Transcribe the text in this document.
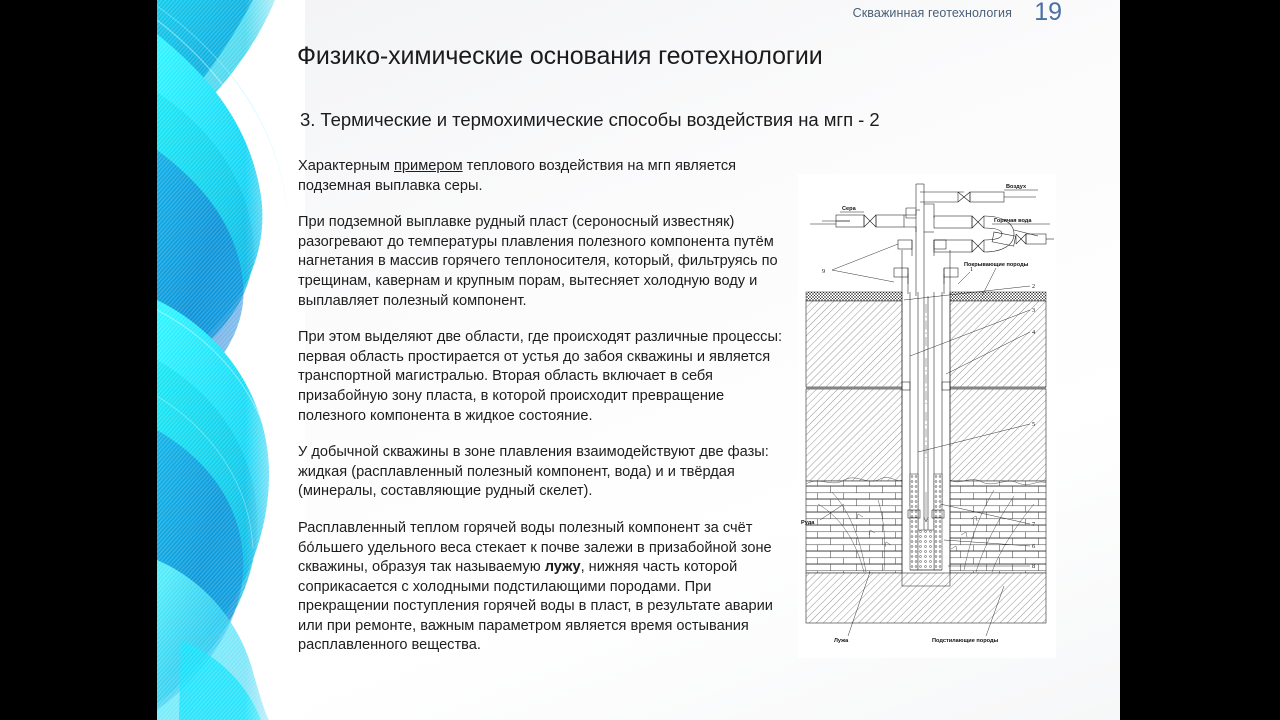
Скважинная геотехнология 19
Физико-химические основания геотехнологии
3. Термические и термохимические способы воздействия на мгп - 2

Характерным примером теплового воздействия на мгп является подземная выплавка серы.

При подземной выплавке рудный пласт (сероносный известняк) разогревают до температуры плавления полезного компонента путём нагнетания в массив горячего теплоносителя, который, фильтруясь по трещинам, кавернам и крупным порам, вытесняет холодную воду и выплавляет полезный компонент.

При этом выделяют две области, где происходят различные процессы: первая область простирается от устья до забоя скважины и является транспортной магистралью. Вторая область включает в себя призабойную зону пласта, в которой происходит превращение полезного компонента в жидкое состояние.

У добычной скважины в зоне плавления взаимодействуют две фазы: жидкая (расплавленный полезный компонент, вода) и и твёрдая (минералы, составляющие рудный скелет).

Расплавленный теплом горячей воды полезный компонент за счёт бо́льшего удельного веса стекает к почве залежи в призабойной зоне скважины, образуя так называемую лужу, нижняя часть которой соприкасается с холодными подстилающими породами. При прекращении поступления горячей воды в пласт, в результате аварии или при ремонте, важным параметром является время остывания расплавленного вещества.

9	1
2
3
4
5
7
6
8
Воздух
Сера
Горячая вода
Покрывающие породы
Руда
Лужа	Подстилающие породы
